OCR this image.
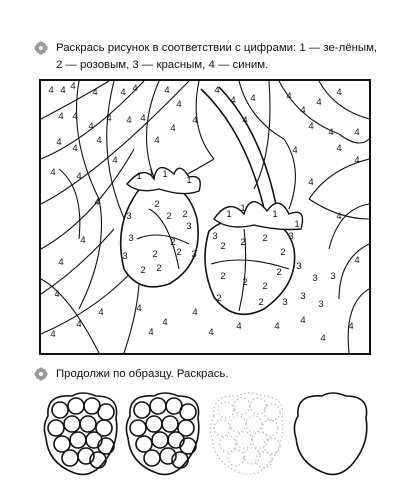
Раскрась рисунок в соответствии с цифрами: 1 — зе-лёным, 2 — розовым, 3 — красным, 4 — синим.
4 4 4
4 4 4	4
4
4
4 4	4
4
4
4
4 4
4
4 4 4
4
4	4
4
4 4
4
4
4
4
4
4	4
4
4 4
4
4
4
4
4
4
4	4
4
4
4
4
4	4
4
4
4
4
4
4
1 1 1
1
1
1
1
1
2
2
2
2
2
2
2
2
2 2 2
2
2
2 2
2	2
2
3
3
3
3	3
3	3
3
3
3
3
3
3
Продолжи по образцу. Раскрась.
